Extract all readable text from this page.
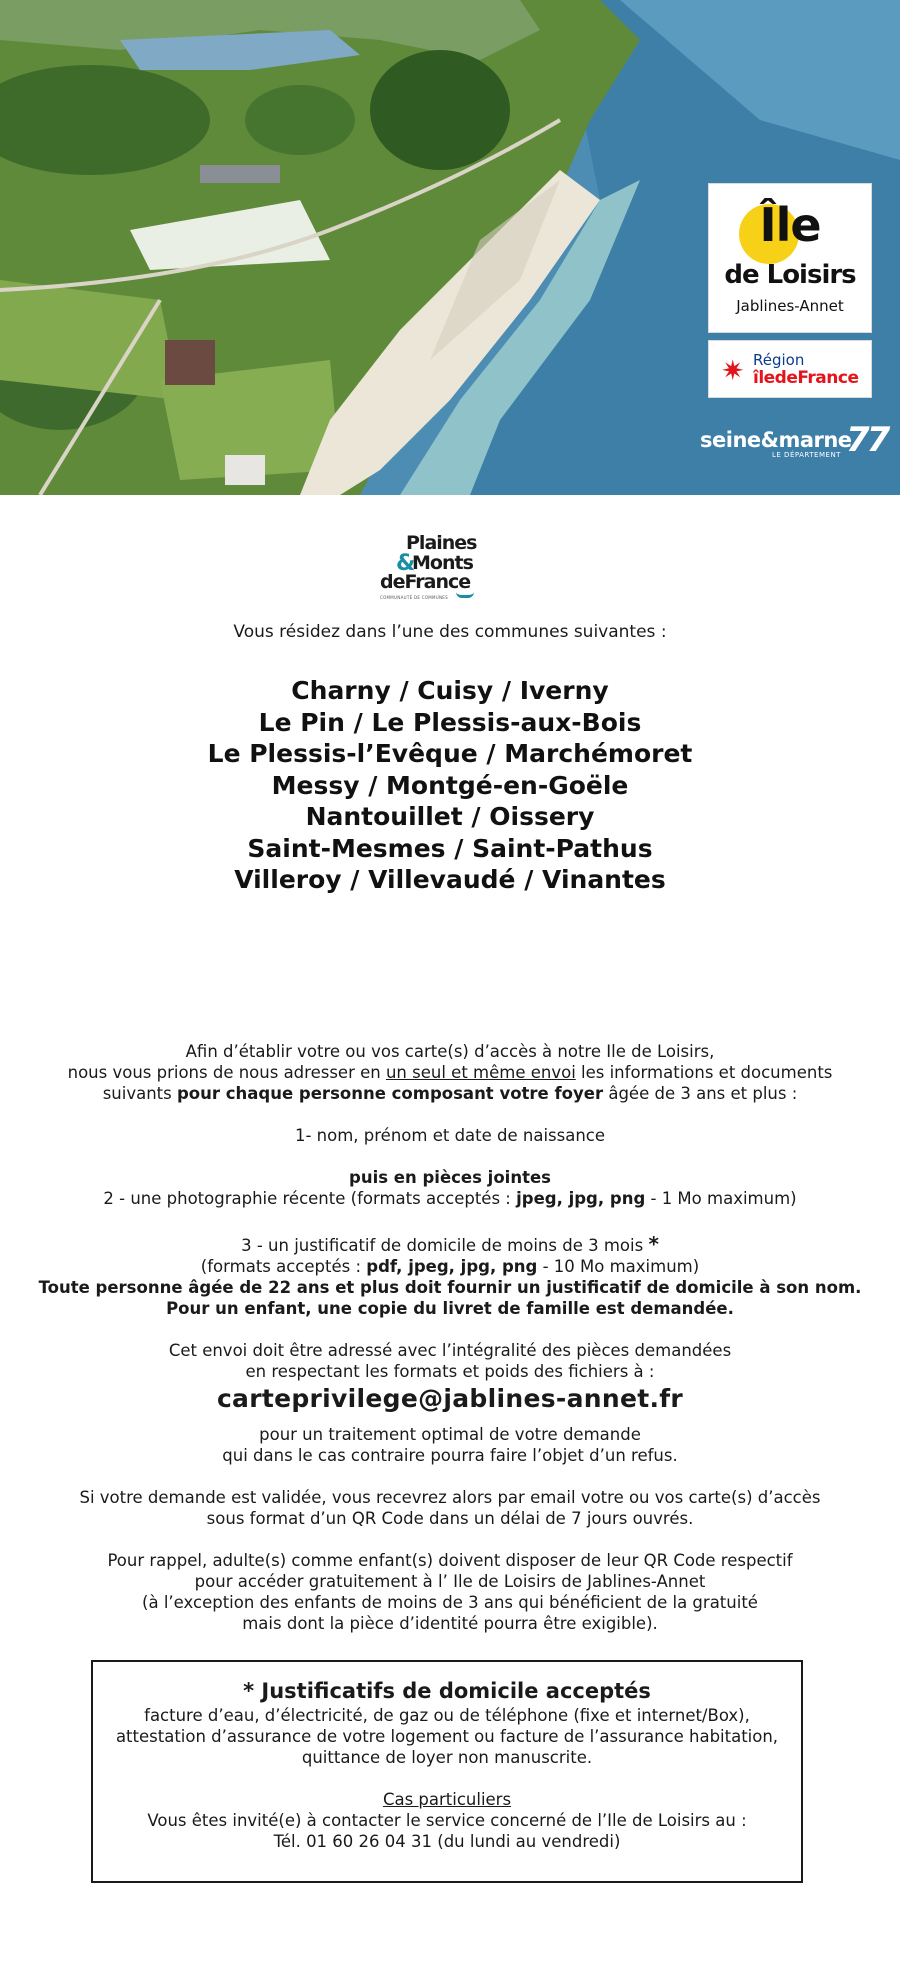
Île
de Loisirs
Jablines-Annet
✷ Région
îledeFrance
seine&marne
LE DÉPARTEMENT 77
Plaines
&
Monts
deFrance
COMMUNAUTÉ DE COMMUNES
Vous résidez dans l’une des communes suivantes :
Charny / Cuisy / Iverny
Le Pin / Le Plessis-aux-Bois
Le Plessis-l’Evêque / Marchémoret
Messy / Montgé-en-Goële
Nantouillet / Oissery
Saint-Mesmes / Saint-Pathus
Villeroy / Villevaudé / Vinantes

Afin d’établir votre ou vos carte(s) d’accès à notre Ile de Loisirs,

nous vous prions de nous adresser en un seul et même envoi les informations et documents

suivants pour chaque personne composant votre foyer âgée de 3 ans et plus :

1- nom, prénom et date de naissance

puis en pièces jointes

2 - une photographie récente (formats acceptés : jpeg, jpg, png - 1 Mo maximum)

3 - un justificatif de domicile de moins de 3 mois *

(formats acceptés : pdf, jpeg, jpg, png - 10 Mo maximum)

Toute personne âgée de 22 ans et plus doit fournir un justificatif de domicile à son nom.

Pour un enfant, une copie du livret de famille est demandée.

Cet envoi doit être adressé avec l’intégralité des pièces demandées

en respectant les formats et poids des fichiers à :

carteprivilege@jablines-annet.fr

pour un traitement optimal de votre demande

qui dans le cas contraire pourra faire l’objet d’un refus.

Si votre demande est validée, vous recevrez alors par email votre ou vos carte(s) d’accès

sous format d’un QR Code dans un délai de 7 jours ouvrés.

Pour rappel, adulte(s) comme enfant(s) doivent disposer de leur QR Code respectif

pour accéder gratuitement à l’ Ile de Loisirs de Jablines-Annet

(à l’exception des enfants de moins de 3 ans qui bénéficient de la gratuité

mais dont la pièce d’identité pourra être exigible).

* Justificatifs de domicile acceptés
facture d’eau, d’électricité, de gaz ou de téléphone (fixe et internet/Box),
attestation d’assurance de votre logement ou facture de l’assurance habitation,
quittance de loyer non manuscrite.
Cas particuliers
Vous êtes invité(e) à contacter le service concerné de l’Ile de Loisirs au :
Tél. 01 60 26 04 31 (du lundi au vendredi)
